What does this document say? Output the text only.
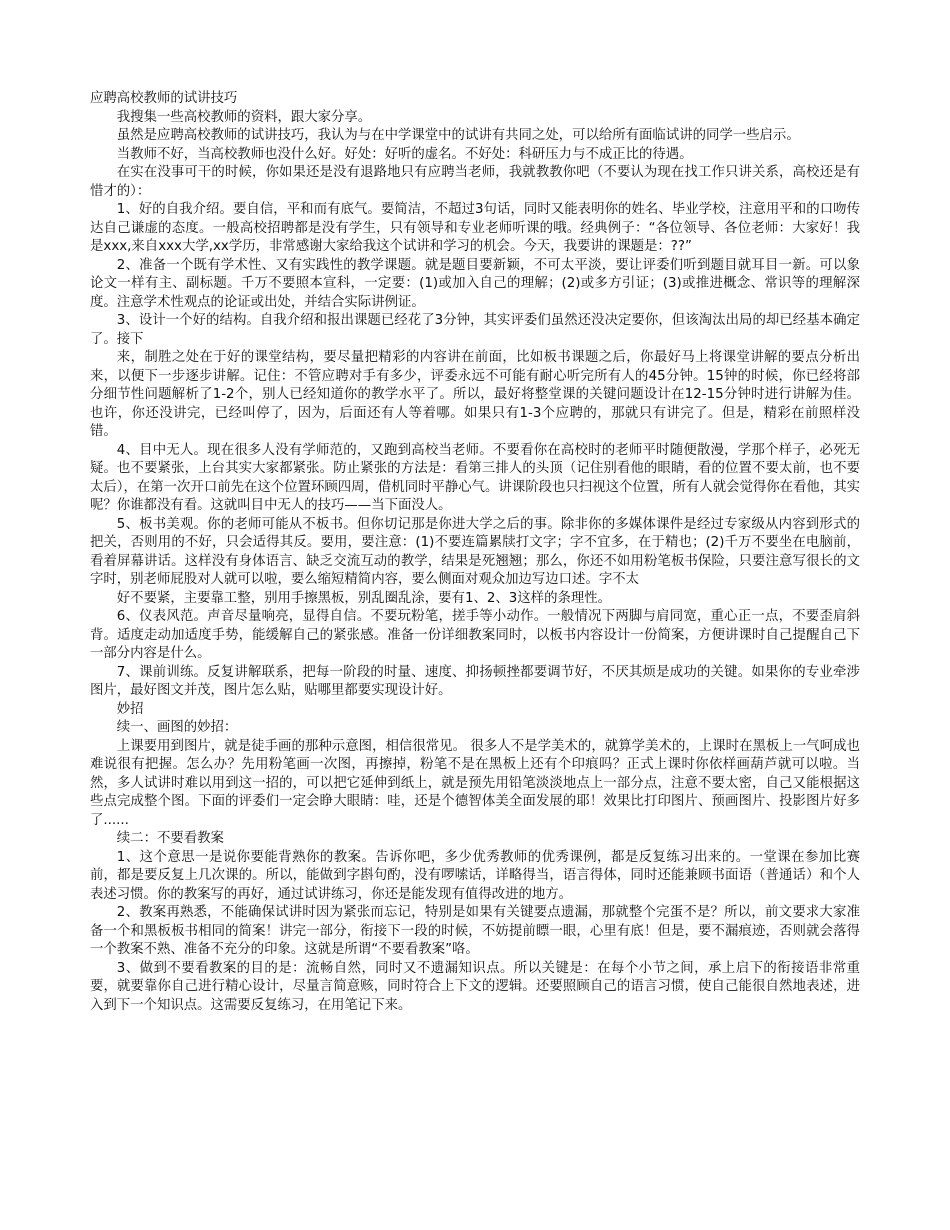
应聘高校教师的试讲技巧

我搜集一些高校教师的资料，跟大家分享。

虽然是应聘高校教师的试讲技巧，我认为与在中学课堂中的试讲有共同之处，可以给所有面临试讲的同学一些启示。

当教师不好，当高校教师也没什么好。好处：好听的虚名。不好处：科研压力与不成正比的待遇。

在实在没事可干的时候，你如果还是没有退路地只有应聘当老师，我就教教你吧（不要认为现在找工作只讲关系，高校还是有惜才的）：

1、好的自我介绍。要自信，平和而有底气。要简洁，不超过3句话，同时又能表明你的姓名、毕业学校，注意用平和的口吻传达自己谦虚的态度。一般高校招聘都是没有学生，只有领导和专业老师听课的哦。经典例子：“各位领导、各位老师：大家好！我是xxx,来自xxx大学,xx学历，非常感谢大家给我这个试讲和学习的机会。今天，我要讲的课题是：??”

2、准备一个既有学术性、又有实践性的教学课题。就是题目要新颖，不可太平淡，要让评委们听到题目就耳目一新。可以象论文一样有主、副标题。千万不要照本宣科，一定要：(1)或加入自己的理解；(2)或多方引证；(3)或推进概念、常识等的理解深度。注意学术性观点的论证或出处，并结合实际讲例证。

3、设计一个好的结构。自我介绍和报出课题已经花了3分钟，其实评委们虽然还没决定要你，但该淘汰出局的却已经基本确定了。接下

来，制胜之处在于好的课堂结构，要尽量把精彩的内容讲在前面，比如板书课题之后，你最好马上将课堂讲解的要点分析出来，以便下一步逐步讲解。记住：不管应聘对手有多少，评委永远不可能有耐心听完所有人的45分钟。15钟的时候，你已经将部分细节性问题解析了1-2个，别人已经知道你的教学水平了。所以，最好将整堂课的关键问题设计在12-15分钟时进行讲解为佳。也许，你还没讲完，已经叫停了，因为，后面还有人等着哪。如果只有1-3个应聘的，那就只有讲完了。但是，精彩在前照样没错。

4、目中无人。现在很多人没有学师范的，又跑到高校当老师。不要看你在高校时的老师平时随便散漫，学那个样子，必死无疑。也不要紧张，上台其实大家都紧张。防止紧张的方法是：看第三排人的头顶（记住别看他的眼睛，看的位置不要太前，也不要太后），在第一次开口前先在这个位置环顾四周，借机同时平静心气。讲课阶段也只扫视这个位置，所有人就会觉得你在看他，其实呢？你谁都没有看。这就叫目中无人的技巧——当下面没人。

5、板书美观。你的老师可能从不板书。但你切记那是你进大学之后的事。除非你的多媒体课件是经过专家级从内容到形式的把关，否则用的不好，只会适得其反。要用，要注意：(1)不要连篇累牍打文字；字不宜多，在于精也；(2)千万不要坐在电脑前，看着屏幕讲话。这样没有身体语言、缺乏交流互动的教学，结果是死翘翘；那么，你还不如用粉笔板书保险，只要注意写很长的文字时，别老师屁股对人就可以啦，要么缩短精简内容，要么侧面对观众加边写边口述。字不太

好不要紧，主要靠工整，别用手擦黑板，别乱圈乱涂，要有1、2、3这样的条理性。

6、仪表风范。声音尽量响亮，显得自信。不要玩粉笔，搓手等小动作。一般情况下两脚与肩同宽，重心正一点，不要歪肩斜背。适度走动加适度手势，能缓解自己的紧张感。准备一份详细教案同时，以板书内容设计一份简案，方便讲课时自己提醒自己下一部分内容是什么。

7、课前训练。反复讲解联系，把每一阶段的时量、速度、抑扬顿挫都要调节好，不厌其烦是成功的关键。如果你的专业牵涉图片，最好图文并茂，图片怎么贴，贴哪里都要实现设计好。

妙招

续一、画图的妙招：

上课要用到图片，就是徒手画的那种示意图，相信很常见。 很多人不是学美术的，就算学美术的，上课时在黑板上一气呵成也难说很有把握。怎么办？先用粉笔画一次图，再擦掉，粉笔不是在黑板上还有个印痕吗？正式上课时你依样画葫芦就可以啦。当然，多人试讲时难以用到这一招的，可以把它延伸到纸上，就是预先用铅笔淡淡地点上一部分点，注意不要太密，自己又能根据这些点完成整个图。下面的评委们一定会睁大眼睛：哇，还是个德智体美全面发展的耶！效果比打印图片、预画图片、投影图片好多了......

续二：不要看教案

1、这个意思一是说你要能背熟你的教案。告诉你吧，多少优秀教师的优秀课例，都是反复练习出来的。一堂课在参加比赛前，都是要反复上几次课的。所以，能做到字斟句酌，没有啰嗦话，详略得当，语言得体，同时还能兼顾书面语（普通话）和个人表述习惯。你的教案写的再好，通过试讲练习，你还是能发现有值得改进的地方。

2、教案再熟悉，不能确保试讲时因为紧张而忘记，特别是如果有关键要点遗漏，那就整个完蛋不是？所以，前文要求大家准备一个和黑板板书相同的简案！讲完一部分，衔接下一段的时候，不妨提前瞟一眼，心里有底！但是，要不漏痕迹，否则就会落得一个教案不熟、准备不充分的印象。这就是所谓“不要看教案”咯。

3、做到不要看教案的目的是：流畅自然，同时又不遗漏知识点。所以关键是：在每个小节之间，承上启下的衔接语非常重要，就要靠你自己进行精心设计，尽量言简意赅，同时符合上下文的逻辑。还要照顾自己的语言习惯，使自己能很自然地表述，进入到下一个知识点。这需要反复练习，在用笔记下来。
